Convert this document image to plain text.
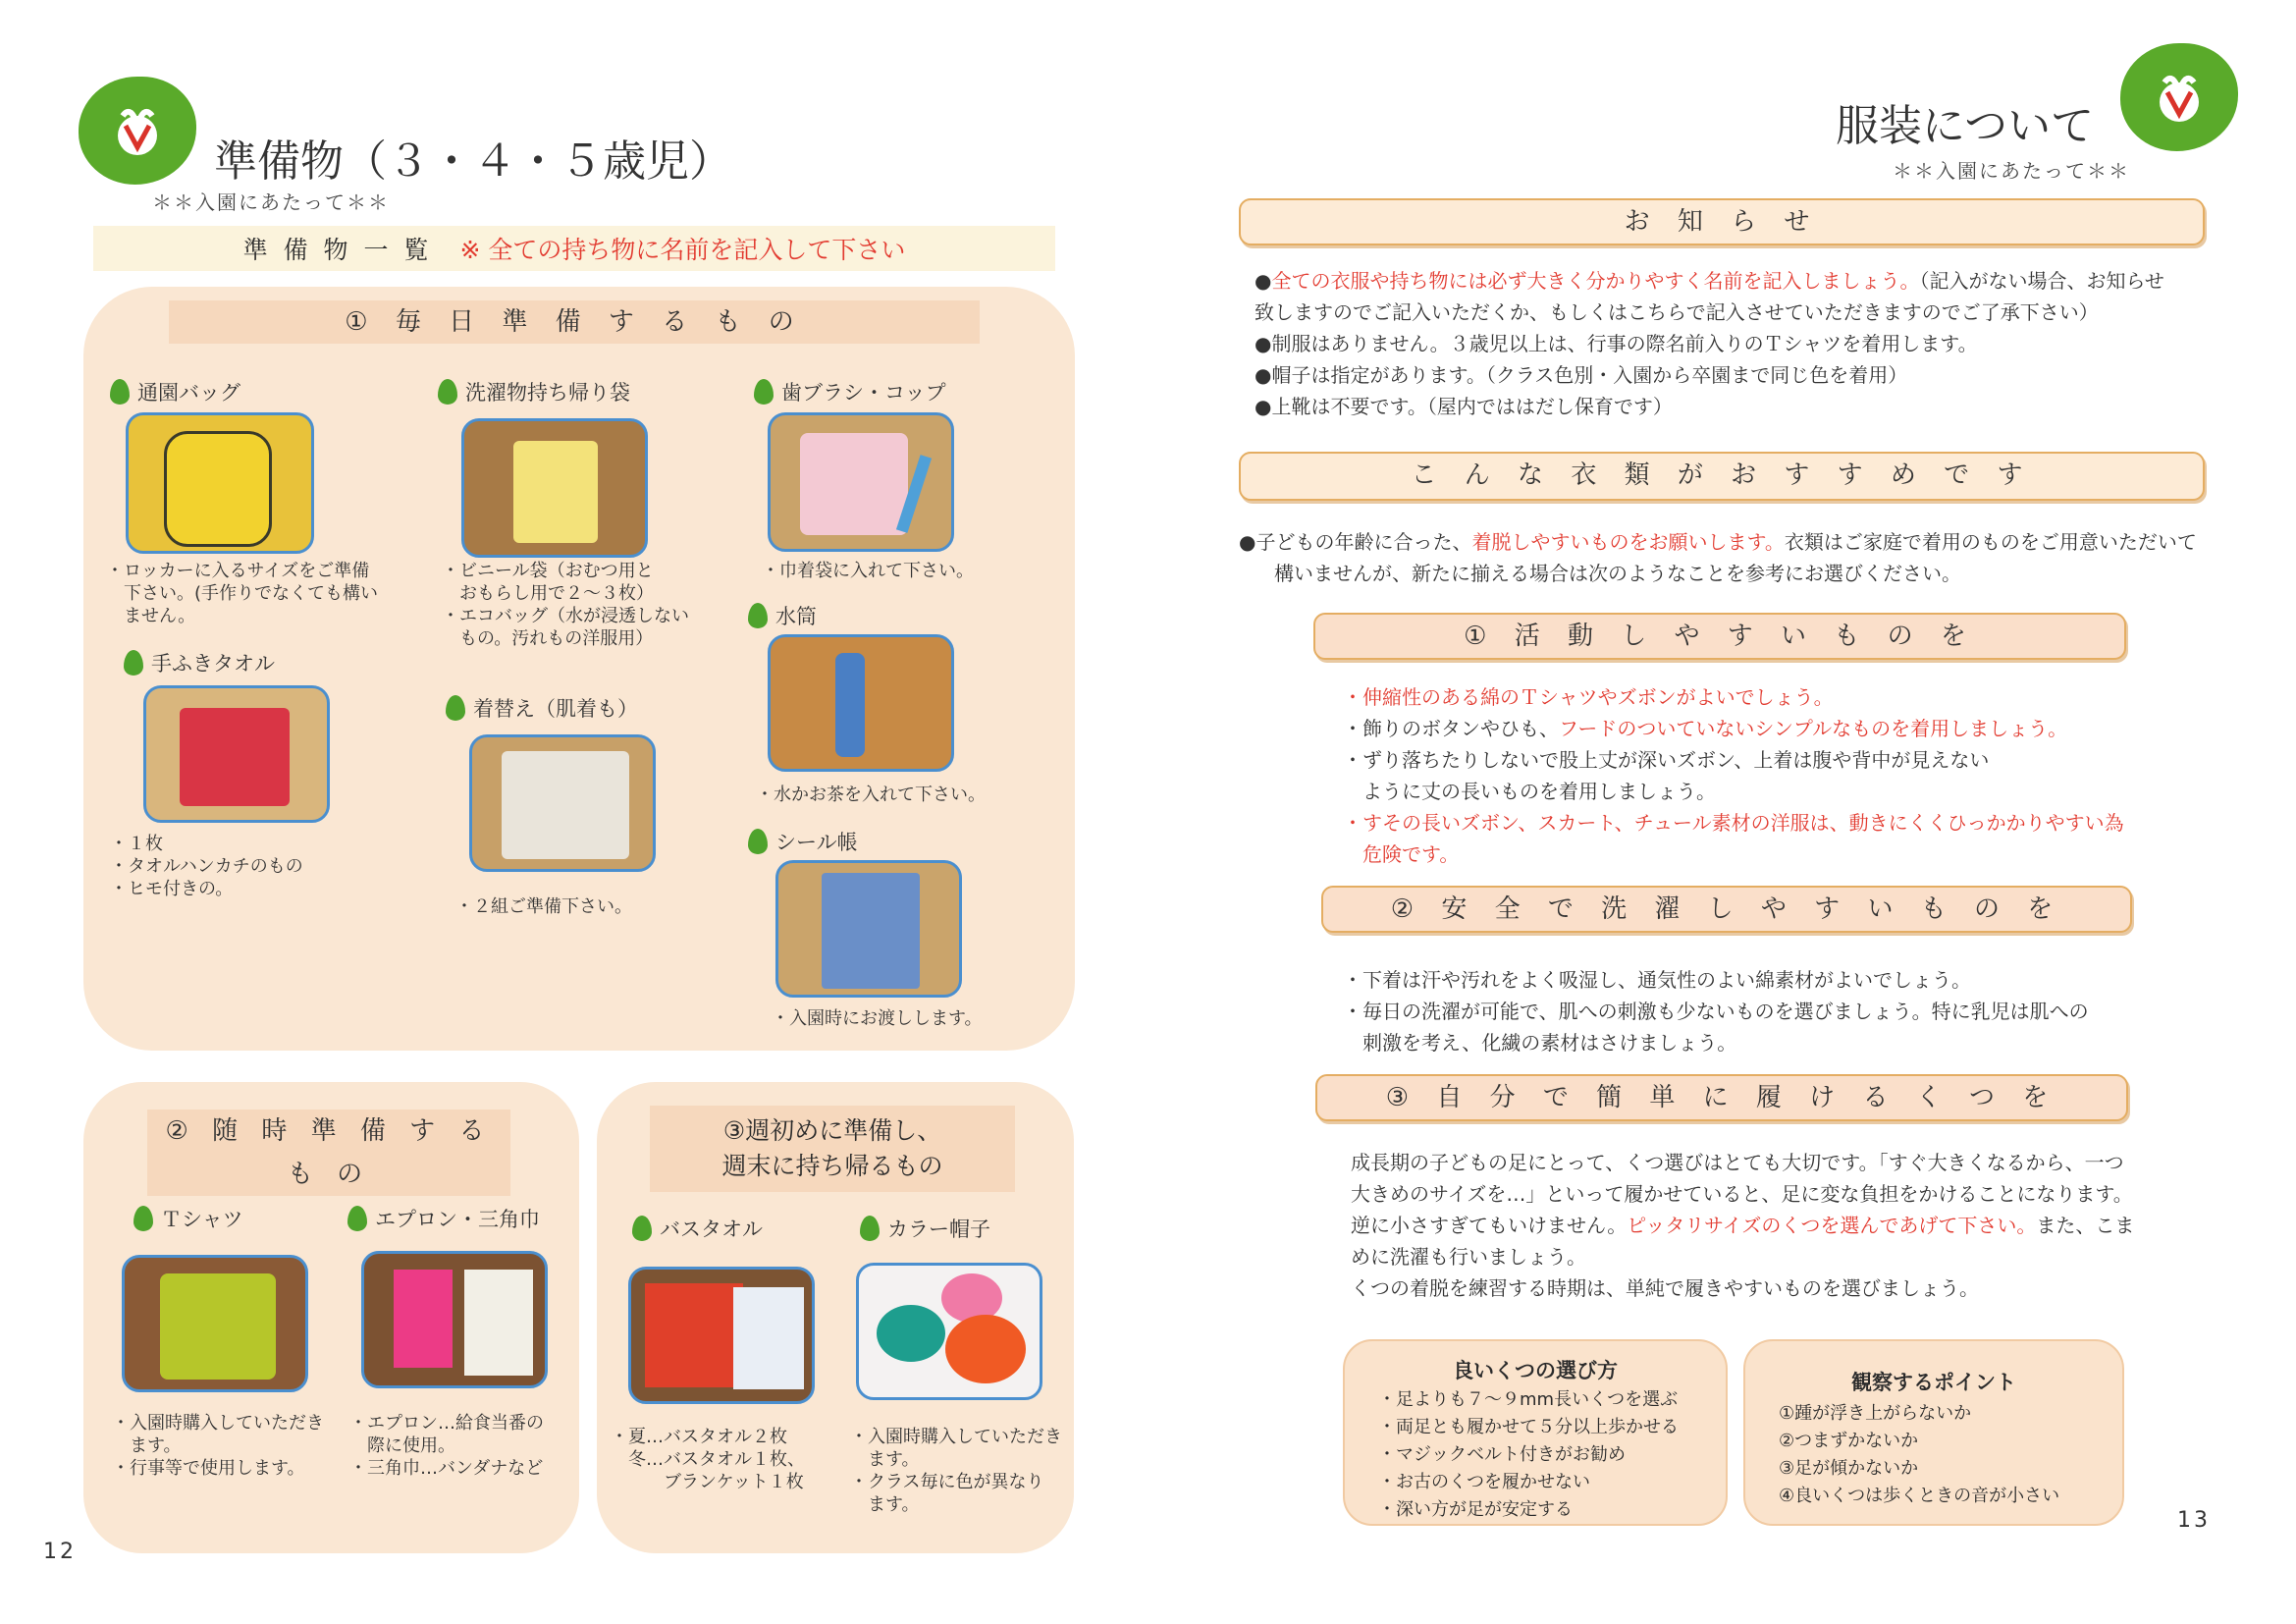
準備物（３・４・５歳児）
＊＊入園にあたって＊＊
準 備 物 一 覧 ※ 全ての持ち物に名前を記入して下さい
① 毎 日 準 備 す る も の
通園バッグ
・ロッカーに入るサイズをご準備
　下さい。(手作りでなくても構い
　ません。
洗濯物持ち帰り袋
・ビニール袋（おむつ用と
　おもらし用で２～３枚）
・エコバッグ（水が浸透しない
　もの。汚れもの洋服用）
歯ブラシ・コップ
・巾着袋に入れて下さい。
手ふきタオル
・１枚
・タオルハンカチのもの
・ヒモ付きの。
着替え（肌着も）
・２組ご準備下さい。
水筒
・水かお茶を入れて下さい。
シール帳
・入園時にお渡しします。
② 随 時 準 備 す る も の
Ｔシャツ
・入園時購入していただき
　ます。
・行事等で使用します。
エプロン・三角巾
・エプロン…給食当番の
　際に使用。
・三角巾…バンダナなど
③週初めに準備し、
週末に持ち帰るもの
バスタオル
・夏…バスタオル２枚
　冬…バスタオル１枚、
　　　ブランケット１枚
カラー帽子
・入園時購入していただき
　ます。
・クラス毎に色が異なり
　ます。
12
服装について
＊＊入園にあたって＊＊
お 知 ら せ
●全ての衣服や持ち物には必ず大きく分かりやすく名前を記入しましょう。（記入がない場合、お知らせ
致しますのでご記入いただくか、もしくはこちらで記入させていただきますのでご了承下さい）
●制服はありません。３歳児以上は、行事の際名前入りのＴシャツを着用します。
●帽子は指定があります。（クラス色別・入園から卒園まで同じ色を着用）
●上靴は不要です。（屋内でははだし保育です）
こ ん な 衣 類 が お す す め で す
●子どもの年齢に合った、着脱しやすいものをお願いします。衣類はご家庭で着用のものをご用意いただいて
構いませんが、新たに揃える場合は次のようなことを参考にお選びください。
① 活 動 し や す い も の を
・伸縮性のある綿のＴシャツやズボンがよいでしょう。
・飾りのボタンやひも、フードのついていないシンプルなものを着用しましょう。
・ずり落ちたりしないで股上丈が深いズボン、上着は腹や背中が見えない
　ように丈の長いものを着用しましょう。
・すその長いズボン、スカート、チュール素材の洋服は、動きにくくひっかかりやすい為
　危険です。
② 安 全 で 洗 濯 し や す い も の を
・下着は汗や汚れをよく吸湿し、通気性のよい綿素材がよいでしょう。
・毎日の洗濯が可能で、肌への刺激も少ないものを選びましょう。特に乳児は肌への
　刺激を考え、化繊の素材はさけましょう。
③ 自 分 で 簡 単 に 履 け る く つ を
成長期の子どもの足にとって、くつ選びはとても大切です。「すぐ大きくなるから、一つ
大きめのサイズを…」といって履かせていると、足に変な負担をかけることになります。
逆に小さすぎてもいけません。ピッタリサイズのくつを選んであげて下さい。また、こま
めに洗濯も行いましょう。
くつの着脱を練習する時期は、単純で履きやすいものを選びましょう。
良いくつの選び方
・足よりも７～９mm長いくつを選ぶ
・両足とも履かせて５分以上歩かせる
・マジックベルト付きがお勧め
・お古のくつを履かせない
・深い方が足が安定する
観察するポイント
①踵が浮き上がらないか
②つまずかないか
③足が傾かないか
④良いくつは歩くときの音が小さい
13
